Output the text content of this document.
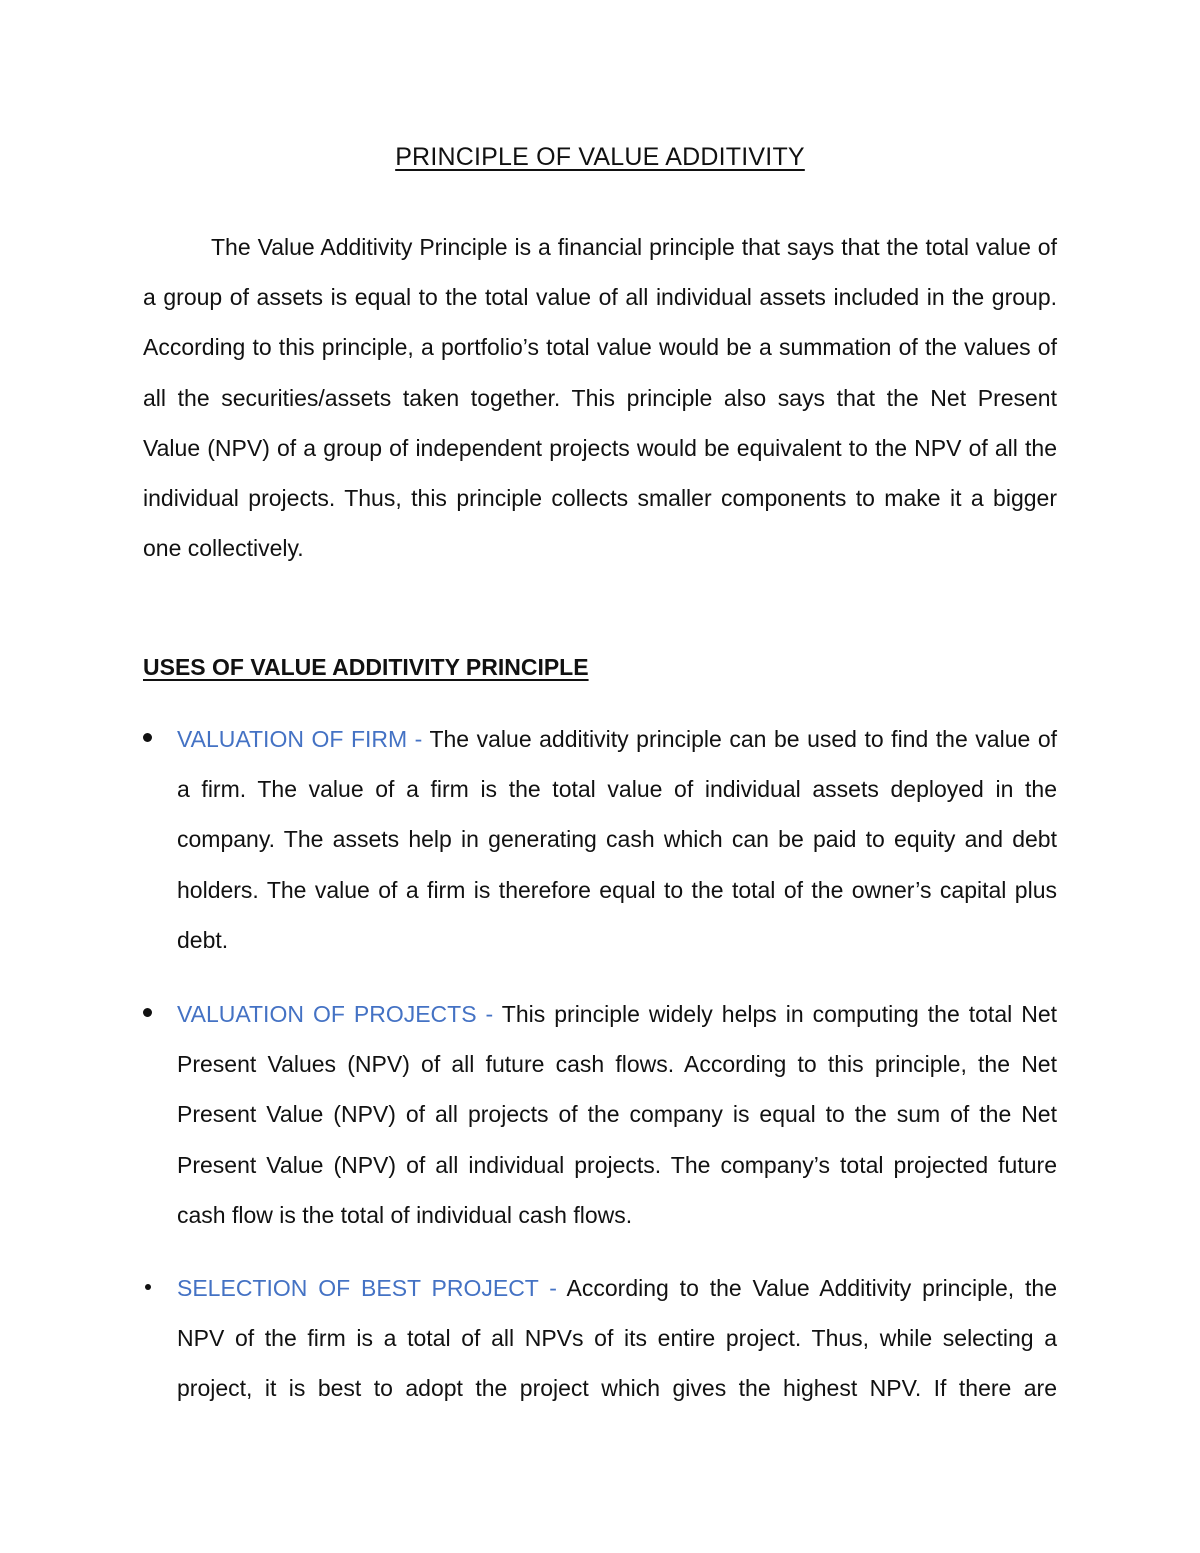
PRINCIPLE OF VALUE ADDITIVITY

The Value Additivity Principle is a financial principle that says that the total value of a group of assets is equal to the total value of all individual assets included in the group. According to this principle, a portfolio’s total value would be a summation of the values of all the securities/assets taken together. This principle also says that the Net Present Value (NPV) of a group of independent projects would be equivalent to the NPV of all the individual projects. Thus, this principle collects smaller components to make it a bigger one collectively.

USES OF VALUE ADDITIVITY PRINCIPLE

VALUATION OF FIRM - The value additivity principle can be used to find the value of a firm. The value of a firm is the total value of individual assets deployed in the company. The assets help in generating cash which can be paid to equity and debt holders. The value of a firm is therefore equal to the total of the owner’s capital plus debt.

VALUATION OF PROJECTS - This principle widely helps in computing the total Net Present Values (NPV) of all future cash flows. According to this principle, the Net Present Value (NPV) of all projects of the company is equal to the sum of the Net Present Value (NPV) of all individual projects. The company’s total projected future cash flow is the total of individual cash flows.

SELECTION OF BEST PROJECT - According to the Value Additivity principle, the NPV of the firm is a total of all NPVs of its entire project. Thus, while selecting a project, it is best to adopt the project which gives the highest NPV. If there are
